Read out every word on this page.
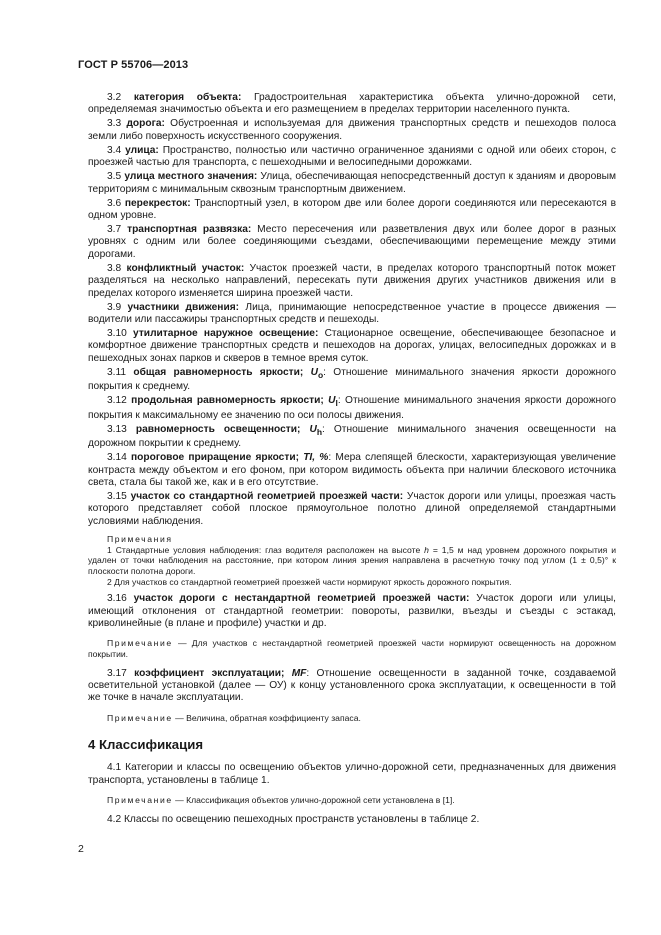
ГОСТ Р 55706—2013

3.2 категория объекта: Градостроительная характеристика объекта улично-дорожной сети, определяемая значимостью объекта и его размещением в пределах территории населенного пункта.

3.3 дорога: Обустроенная и используемая для движения транспортных средств и пешеходов полоса земли либо поверхность искусственного сооружения.

3.4 улица: Пространство, полностью или частично ограниченное зданиями с одной или обеих сторон, с проезжей частью для транспорта, с пешеходными и велосипедными дорожками.

3.5 улица местного значения: Улица, обеспечивающая непосредственный доступ к зданиям и дворовым территориям с минимальным сквозным транспортным движением.

3.6 перекресток: Транспортный узел, в котором две или более дороги соединяются или пересекаются в одном уровне.

3.7 транспортная развязка: Место пересечения или разветвления двух или более дорог в разных уровнях с одним или более соединяющими съездами, обеспечивающими перемещение между этими дорогами.

3.8 конфликтный участок: Участок проезжей части, в пределах которого транспортный поток может разделяться на несколько направлений, пересекать пути движения других участников движения или в пределах которого изменяется ширина проезжей части.

3.9 участники движения: Лица, принимающие непосредственное участие в процессе движения — водители или пассажиры транспортных средств и пешеходы.

3.10 утилитарное наружное освещение: Стационарное освещение, обеспечивающее безопасное и комфортное движение транспортных средств и пешеходов на дорогах, улицах, велосипедных дорожках и в пешеходных зонах парков и скверов в темное время суток.

3.11 общая равномерность яркости; $U_o$: Отношение минимального значения яркости дорожного покрытия к среднему.

3.12 продольная равномерность яркости; $U_l$: Отношение минимального значения яркости дорожного покрытия к максимальному ее значению по оси полосы движения.

3.13 равномерность освещенности; $U_h$: Отношение минимального значения освещенности на дорожном покрытии к среднему.

3.14 пороговое приращение яркости; TI, %: Мера слепящей блескости, характеризующая увеличение контраста между объектом и его фоном, при котором видимость объекта при наличии блескового источника света, стала бы такой же, как и в его отсутствие.

3.15 участок со стандартной геометрией проезжей части: Участок дороги или улицы, проезжая часть которого представляет собой плоское прямоугольное полотно длиной определяемой стандартными условиями наблюдения.

Примечания

1 Стандартные условия наблюдения: глаз водителя расположен на высоте h = 1,5 м над уровнем дорожного покрытия и удален от точки наблюдения на расстояние, при котором линия зрения направлена в расчетную точку под углом (1 ± 0,5)° к плоскости полотна дороги.

2 Для участков со стандартной геометрией проезжей части нормируют яркость дорожного покрытия.

3.16 участок дороги с нестандартной геометрией проезжей части: Участок дороги или улицы, имеющий отклонения от стандартной геометрии: повороты, развилки, въезды и съезды с эстакад, криволинейные (в плане и профиле) участки и др.

Примечание — Для участков с нестандартной геометрией проезжей части нормируют освещенность на дорожном покрытии.

3.17 коэффициент эксплуатации; MF: Отношение освещенности в заданной точке, создаваемой осветительной установкой (далее — ОУ) к концу установленного срока эксплуатации, к освещенности в той же точке в начале эксплуатации.

Примечание — Величина, обратная коэффициенту запаса.

4 Классификация

4.1 Категории и классы по освещению объектов улично-дорожной сети, предназначенных для движения транспорта, установлены в таблице 1.

Примечание — Классификация объектов улично-дорожной сети установлена в [1].

4.2 Классы по освещению пешеходных пространств установлены в таблице 2.

2
